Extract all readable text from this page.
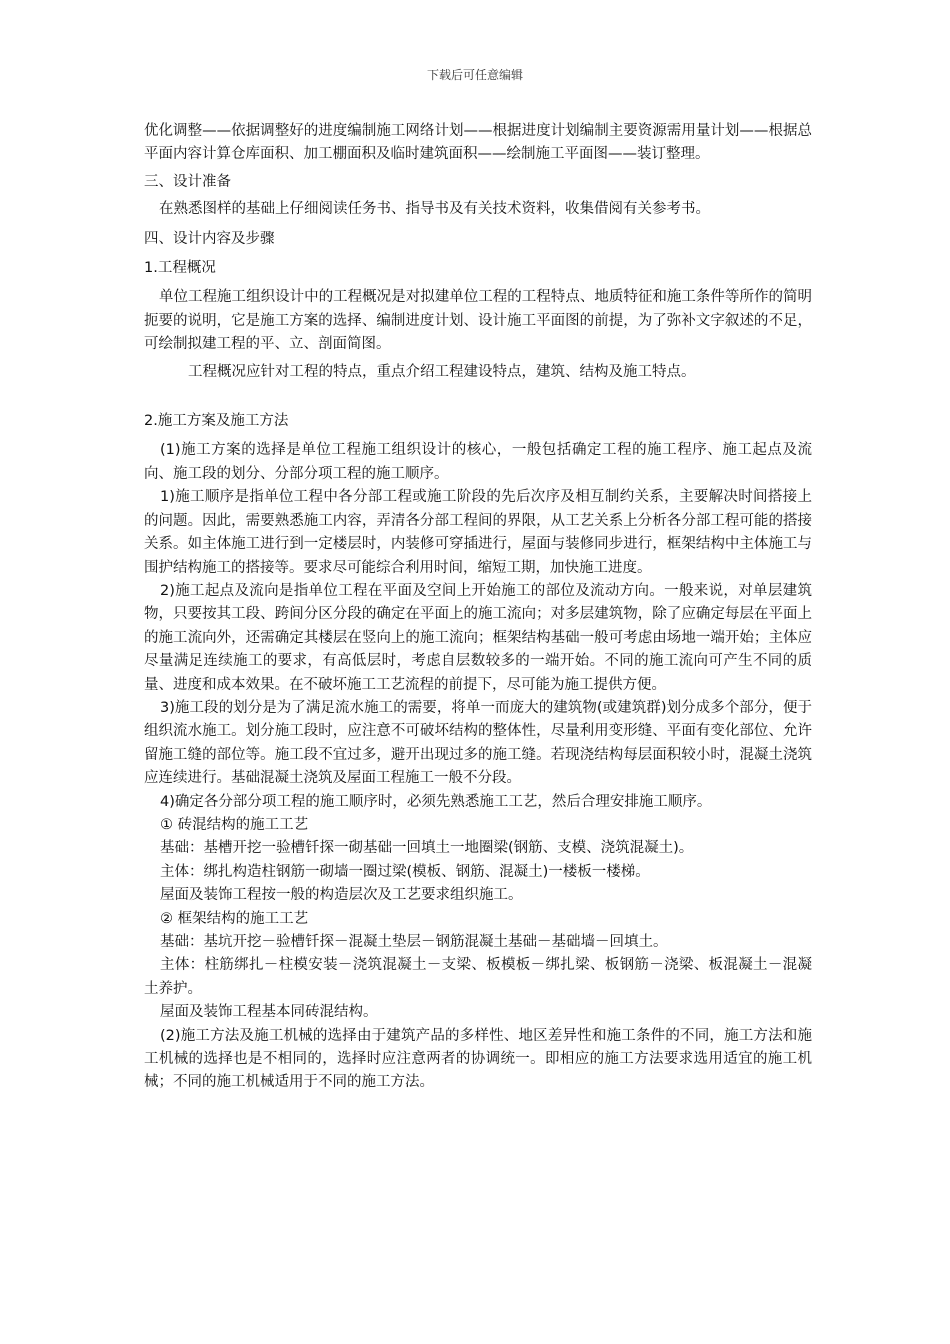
下载后可任意编辑

优化调整——依据调整好的进度编制施工网络计划——根据进度计划编制主要资源需用量计划——根据总平面内容计算仓库面积、加工棚面积及临时建筑面积——绘制施工平面图——装订整理。

三、设计准备

在熟悉图样的基础上仔细阅读任务书、指导书及有关技术资料，收集借阅有关参考书。

四、设计内容及步骤

1.工程概况

单位工程施工组织设计中的工程概况是对拟建单位工程的工程特点、地质特征和施工条件等所作的简明扼要的说明，它是施工方案的选择、编制进度计划、设计施工平面图的前提，为了弥补文字叙述的不足，可绘制拟建工程的平、立、剖面简图。

工程概况应针对工程的特点，重点介绍工程建设特点，建筑、结构及施工特点。

2.施工方案及施工方法

(1)施工方案的选择是单位工程施工组织设计的核心，一般包括确定工程的施工程序、施工起点及流向、施工段的划分、分部分项工程的施工顺序。

1)施工顺序是指单位工程中各分部工程或施工阶段的先后次序及相互制约关系，主要解决时间搭接上的问题。因此，需要熟悉施工内容，弄清各分部工程间的界限，从工艺关系上分析各分部工程可能的搭接关系。如主体施工进行到一定楼层时，内装修可穿插进行，屋面与装修同步进行，框架结构中主体施工与围护结构施工的搭接等。要求尽可能综合利用时间，缩短工期，加快施工进度。

2)施工起点及流向是指单位工程在平面及空间上开始施工的部位及流动方向。一般来说，对单层建筑物，只要按其工段、跨间分区分段的确定在平面上的施工流向；对多层建筑物，除了应确定每层在平面上的施工流向外，还需确定其楼层在竖向上的施工流向；框架结构基础一般可考虑由场地一端开始；主体应尽量满足连续施工的要求，有高低层时，考虑自层数较多的一端开始。不同的施工流向可产生不同的质量、进度和成本效果。在不破坏施工工艺流程的前提下，尽可能为施工提供方便。

3)施工段的划分是为了满足流水施工的需要，将单一而庞大的建筑物(或建筑群)划分成多个部分，便于组织流水施工。划分施工段时，应注意不可破坏结构的整体性，尽量利用变形缝、平面有变化部位、允许留施工缝的部位等。施工段不宜过多，避开出现过多的施工缝。若现浇结构每层面积较小时，混凝土浇筑应连续进行。基础混凝土浇筑及屋面工程施工一般不分段。

4)确定各分部分项工程的施工顺序时，必须先熟悉施工工艺，然后合理安排施工顺序。

① 砖混结构的施工工艺

基础：基槽开挖一验槽钎探一砌基础一回填土一地圈梁(钢筋、支模、浇筑混凝土)。

主体：绑扎构造柱钢筋一砌墙一圈过梁(模板、钢筋、混凝土)一楼板一楼梯。

屋面及装饰工程按一般的构造层次及工艺要求组织施工。

② 框架结构的施工工艺

基础：基坑开挖－验槽钎探－混凝土垫层－钢筋混凝土基础－基础墙－回填土。

主体：柱筋绑扎－柱模安装－浇筑混凝土－支梁、板模板－绑扎梁、板钢筋－浇梁、板混凝土－混凝土养护。

屋面及装饰工程基本同砖混结构。

(2)施工方法及施工机械的选择由于建筑产品的多样性、地区差异性和施工条件的不同，施工方法和施工机械的选择也是不相同的，选择时应注意两者的协调统一。即相应的施工方法要求选用适宜的施工机械；不同的施工机械适用于不同的施工方法。
